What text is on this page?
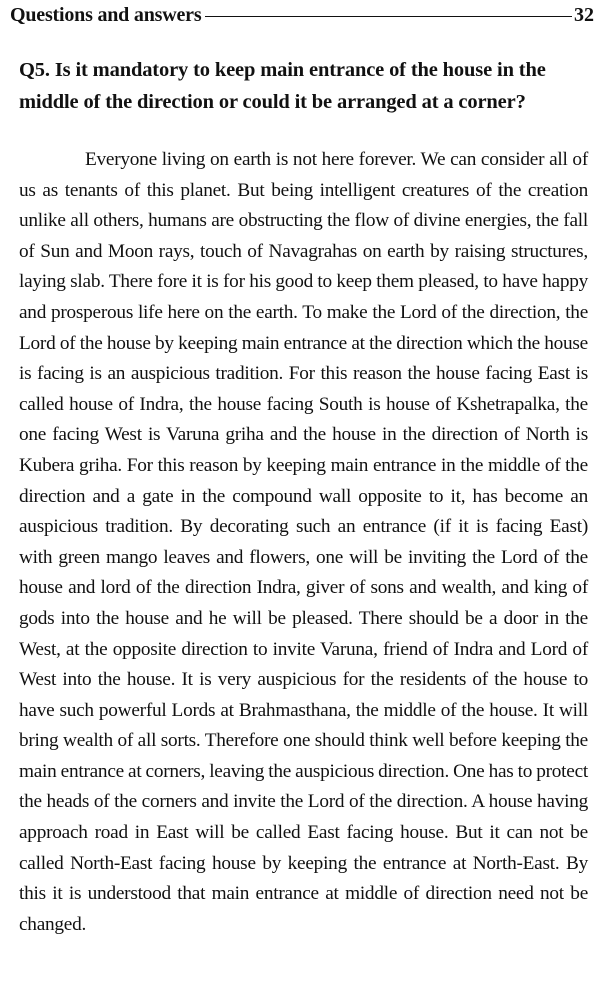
Questions and answers	32

Q5. Is it mandatory to keep main entrance of the house in the middle of the direction or could it be arranged at a corner?

Everyone living on earth is not here forever. We can consider all of us as tenants of this planet. But being intelligent creatures of the creation unlike all others, humans are obstructing the flow of divine energies, the fall of Sun and Moon rays, touch of Navagrahas on earth by raising structures, laying slab. There fore it is for his good to keep them pleased, to have happy and prosperous life here on the earth. To make the Lord of the direction, the Lord of the house by keeping main entrance at the direction which the house is facing is an auspicious tradition. For this reason the house facing East is called house of Indra, the house facing South is house of Kshetrapalka, the one facing West is Varuna griha and the house in the direction of North is Kubera griha. For this reason by keeping main entrance in the middle of the direction and a gate in the compound wall opposite to it, has become an auspicious tradition. By decorating such an entrance (if it is facing East) with green mango leaves and flowers, one will be inviting the Lord of the house and lord of the direction Indra, giver of sons and wealth, and king of gods into the house and he will be pleased. There should be a door in the West, at the opposite direction to invite Varuna, friend of Indra and Lord of West into the house. It is very auspicious for the residents of the house to have such powerful Lords at Brahmasthana, the middle of the house. It will bring wealth of all sorts. Therefore one should think well before keeping the main entrance at corners, leaving the auspicious direction. One has to protect the heads of the corners and invite the Lord of the direction. A house having approach road in East will be called East facing house. But it can not be called North-East facing house by keeping the entrance at North-East. By this it is understood that main entrance at middle of direction need not be changed.
